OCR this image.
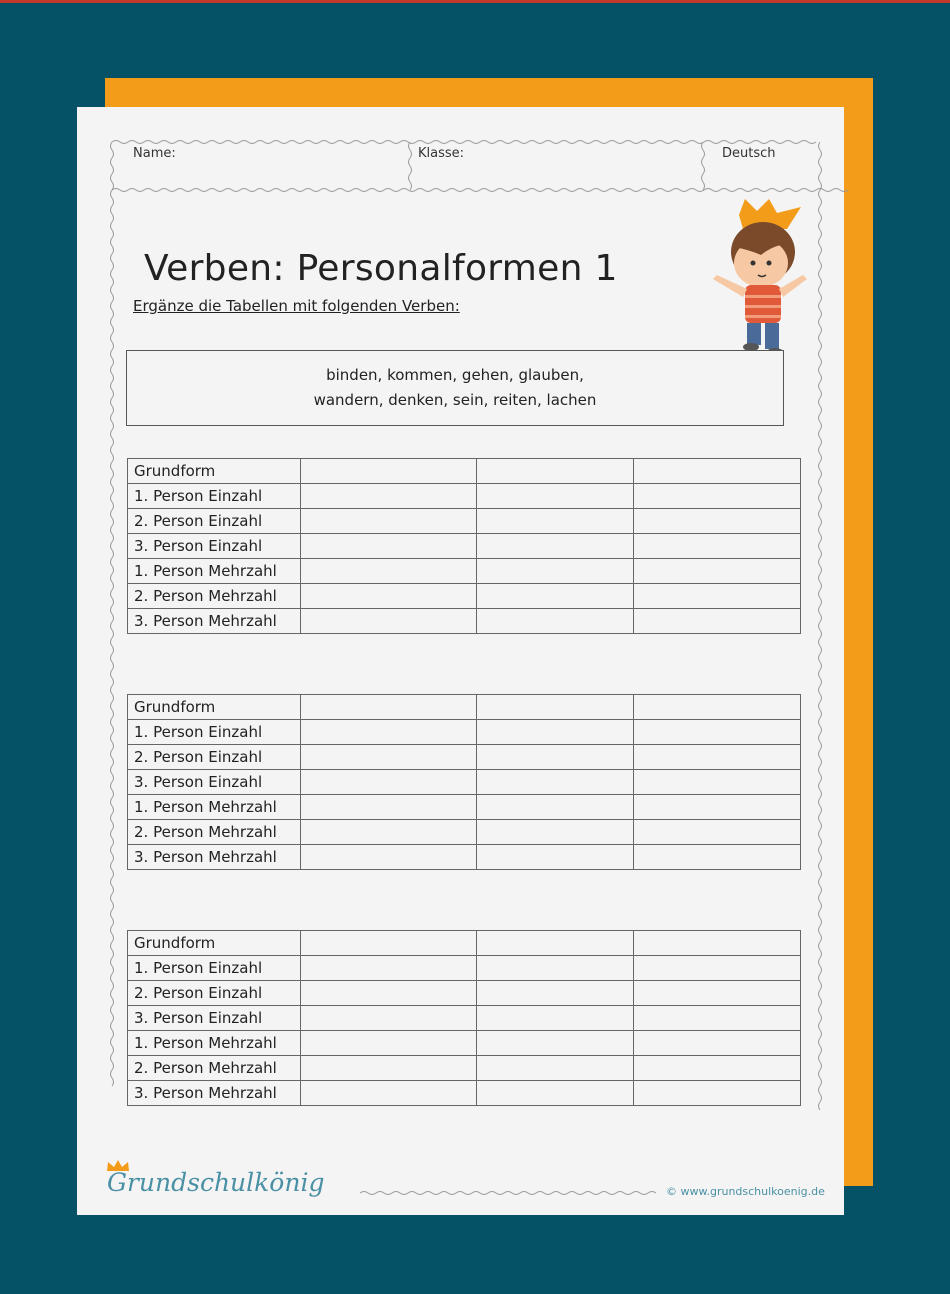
Name:	Klasse:	Deutsch
Verben: Personalformen 1
Ergänze die Tabellen mit folgenden Verben:
binden, kommen, gehen, glauben,
wandern, denken, sein, reiten, lachen
Grundform			
1. Person Einzahl			
2. Person Einzahl			
3. Person Einzahl			
1. Person Mehrzahl			
2. Person Mehrzahl			
3. Person Mehrzahl			
Grundform			
1. Person Einzahl			
2. Person Einzahl			
3. Person Einzahl			
1. Person Mehrzahl			
2. Person Mehrzahl			
3. Person Mehrzahl			
Grundform			
1. Person Einzahl			
2. Person Einzahl			
3. Person Einzahl			
1. Person Mehrzahl			
2. Person Mehrzahl			
3. Person Mehrzahl			
Grundschulkönig	© www.grundschulkoenig.de
